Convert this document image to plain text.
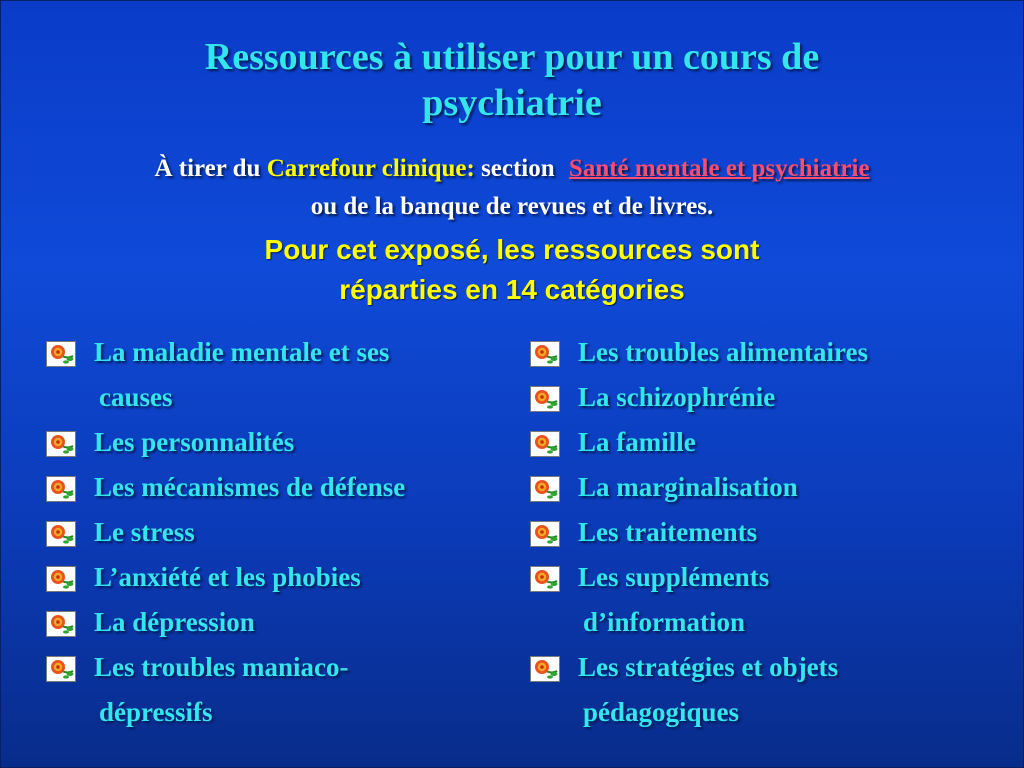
Ressources à utiliser pour un cours de
psychiatrie
À tirer du Carrefour clinique: section Santé mentale et psychiatrie
ou de la banque de revues et de livres.
Pour cet exposé, les ressources sont
réparties en 14 catégories
La maladie mentale et ses
causes
Les personnalités
Les mécanismes de défense
Le stress
L’anxiété et les phobies
La dépression
Les troubles maniaco-
dépressifs
Les troubles alimentaires
La schizophrénie
La famille
La marginalisation
Les traitements
Les suppléments
d’information
Les stratégies et objets
pédagogiques
